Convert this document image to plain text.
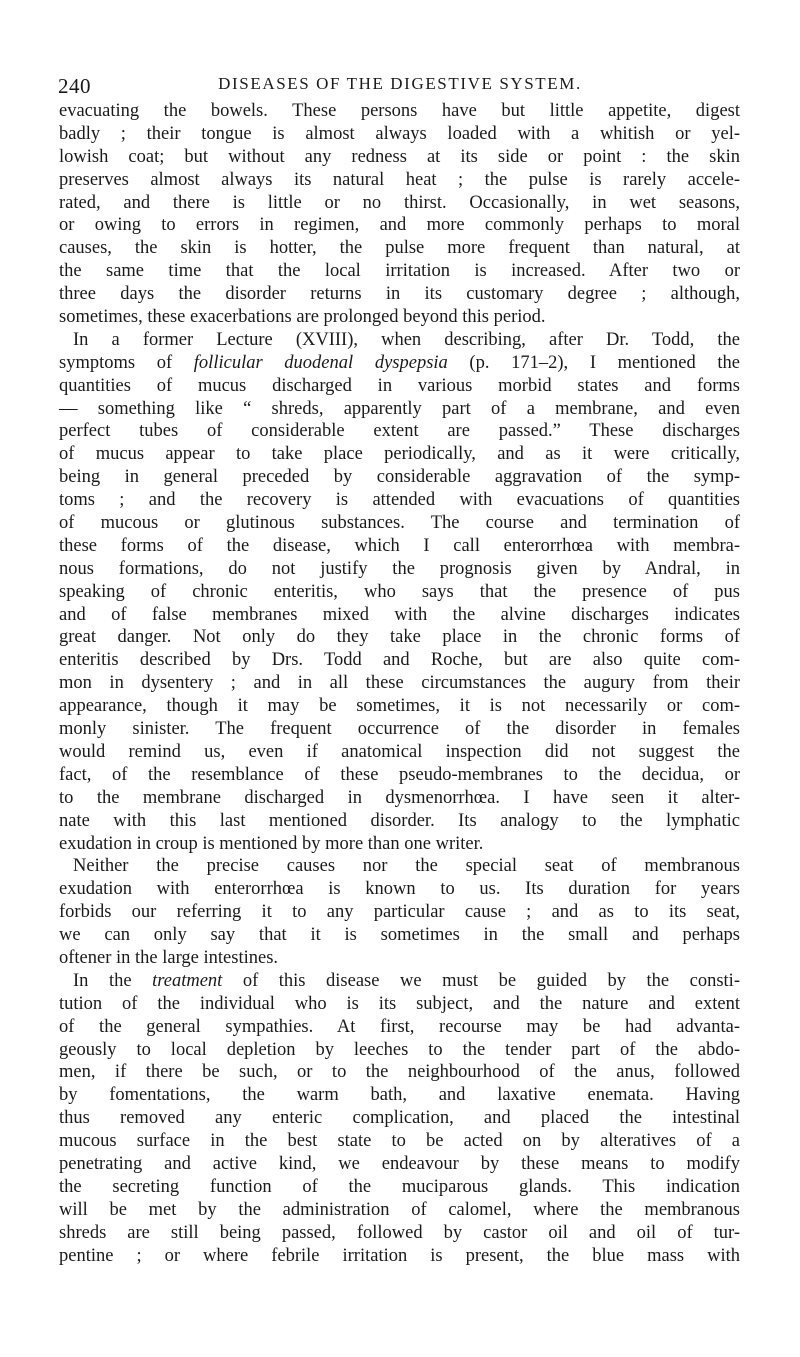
240	DISEASES OF THE DIGESTIVE SYSTEM.
evacuating the bowels. These persons have but little appetite, digest
badly ; their tongue is almost always loaded with a whitish or yel-
lowish coat; but without any redness at its side or point : the skin
preserves almost always its natural heat ; the pulse is rarely accele-
rated, and there is little or no thirst. Occasionally, in wet seasons,
or owing to errors in regimen, and more commonly perhaps to moral
causes, the skin is hotter, the pulse more frequent than natural, at
the same time that the local irritation is increased. After two or
three days the disorder returns in its customary degree ; although,
sometimes, these exacerbations are prolonged beyond this period.
In a former Lecture (XVIII), when describing, after Dr. Todd, the
symptoms of follicular duodenal dyspepsia (p. 171–2), I mentioned the
quantities of mucus discharged in various morbid states and forms
— something like “ shreds, apparently part of a membrane, and even
perfect tubes of considerable extent are passed.” These discharges
of mucus appear to take place periodically, and as it were critically,
being in general preceded by considerable aggravation of the symp-
toms ; and the recovery is attended with evacuations of quantities
of mucous or glutinous substances. The course and termination of
these forms of the disease, which I call enterorrhœa with membra-
nous formations, do not justify the prognosis given by Andral, in
speaking of chronic enteritis, who says that the presence of pus
and of false membranes mixed with the alvine discharges indicates
great danger. Not only do they take place in the chronic forms of
enteritis described by Drs. Todd and Roche, but are also quite com-
mon in dysentery ; and in all these circumstances the augury from their
appearance, though it may be sometimes, it is not necessarily or com-
monly sinister. The frequent occurrence of the disorder in females
would remind us, even if anatomical inspection did not suggest the
fact, of the resemblance of these pseudo-membranes to the decidua, or
to the membrane discharged in dysmenorrhœa. I have seen it alter-
nate with this last mentioned disorder. Its analogy to the lymphatic
exudation in croup is mentioned by more than one writer.
Neither the precise causes nor the special seat of membranous
exudation with enterorrhœa is known to us. Its duration for years
forbids our referring it to any particular cause ; and as to its seat,
we can only say that it is sometimes in the small and perhaps
oftener in the large intestines.
In the treatment of this disease we must be guided by the consti-
tution of the individual who is its subject, and the nature and extent
of the general sympathies. At first, recourse may be had advanta-
geously to local depletion by leeches to the tender part of the abdo-
men, if there be such, or to the neighbourhood of the anus, followed
by fomentations, the warm bath, and laxative enemata. Having
thus removed any enteric complication, and placed the intestinal
mucous surface in the best state to be acted on by alteratives of a
penetrating and active kind, we endeavour by these means to modify
the secreting function of the muciparous glands. This indication
will be met by the administration of calomel, where the membranous
shreds are still being passed, followed by castor oil and oil of tur-
pentine ; or where febrile irritation is present, the blue mass with
